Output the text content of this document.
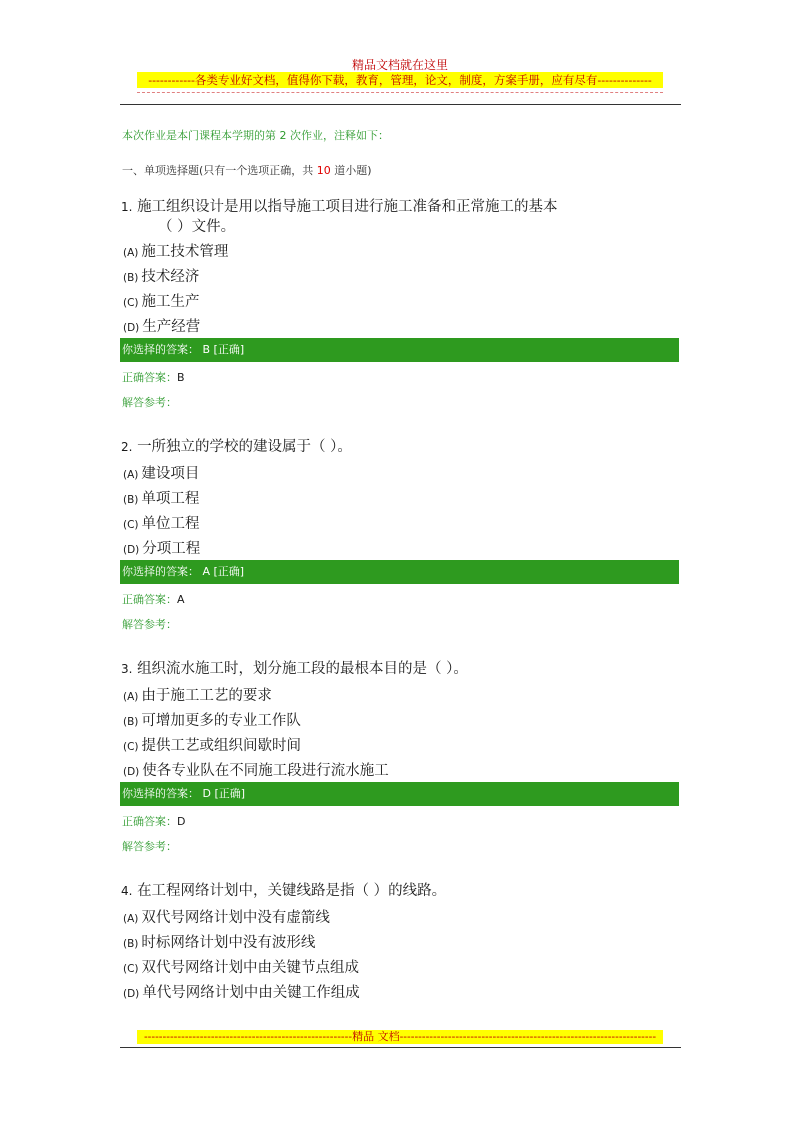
精品文档就在这里
------------各类专业好文档，值得你下载，教育，管理，论文，制度，方案手册，应有尽有--------------
本次作业是本门课程本学期的第 2 次作业，注释如下：
一、单项选择题(只有一个选项正确，共 10 道小题)
1. 施工组织设计是用以指导施工项目进行施工准备和正常施工的基本
（ ）文件。
(A) 施工技术管理
(B) 技术经济
(C) 施工生产
(D) 生产经营
你选择的答案： B [正确]
正确答案：B
解答参考：
2. 一所独立的学校的建设属于（ ）。
(A) 建设项目
(B) 单项工程
(C) 单位工程
(D) 分项工程
你选择的答案： A [正确]
正确答案：A
解答参考：
3. 组织流水施工时，划分施工段的最根本目的是（ ）。
(A) 由于施工工艺的要求
(B) 可增加更多的专业工作队
(C) 提供工艺或组织间歇时间
(D) 使各专业队在不同施工段进行流水施工
你选择的答案： D [正确]
正确答案：D
解答参考：
4. 在工程网络计划中，关键线路是指（ ）的线路。
(A) 双代号网络计划中没有虚箭线
(B) 时标网络计划中没有波形线
(C) 双代号网络计划中由关键节点组成
(D) 单代号网络计划中由关键工作组成
--------------------------------------------------------精品 文档---------------------------------------------------------------------
